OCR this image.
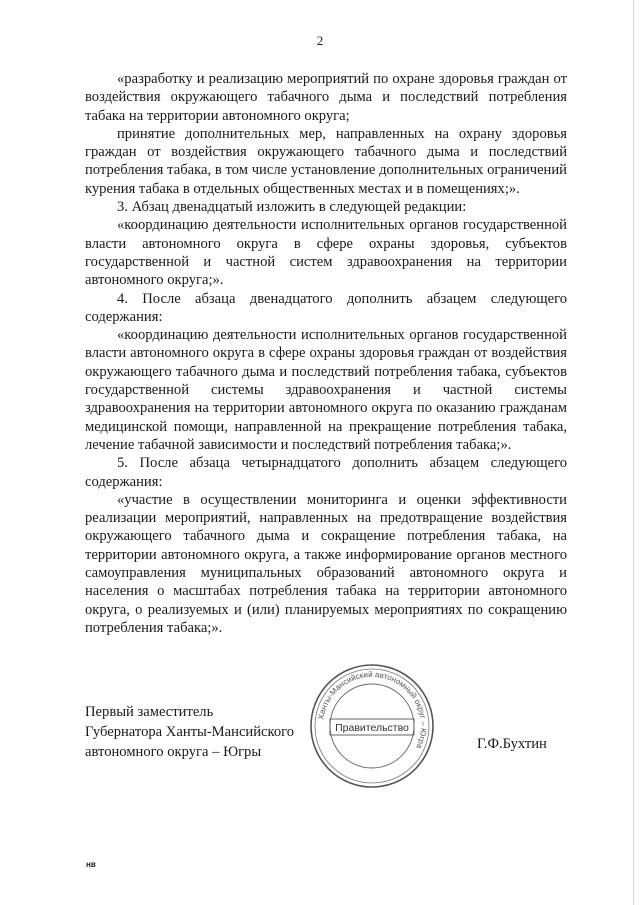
2

«разработку и реализацию мероприятий по охране здоровья граждан от воздействия окружающего табачного дыма и последствий потребления табака на территории автономного округа;

принятие дополнительных мер, направленных на охрану здоровья граждан от воздействия окружающего табачного дыма и последствий потребления табака, в том числе установление дополнительных ограничений курения табака в отдельных общественных местах и в помещениях;».

3. Абзац двенадцатый изложить в следующей редакции:

«координацию деятельности исполнительных органов государственной власти автономного округа в сфере охраны здоровья, субъектов государственной и частной систем здравоохранения на территории автономного округа;».

4. После абзаца двенадцатого дополнить абзацем следующего содержания:

«координацию деятельности исполнительных органов государственной власти автономного округа в сфере охраны здоровья граждан от воздействия окружающего табачного дыма и последствий потребления табака, субъектов государственной системы здравоохранения и частной системы здравоохранения на территории автономного округа по оказанию гражданам медицинской помощи, направленной на прекращение потребления табака, лечение табачной зависимости и последствий потребления табака;».

5. После абзаца четырнадцатого дополнить абзацем следующего содержания:

«участие в осуществлении мониторинга и оценки эффективности реализации мероприятий, направленных на предотвращение воздействия окружающего табачного дыма и сокращение потребления табака, на территории автономного округа, а также информирование органов местного самоуправления муниципальных образований автономного округа и населения о масштабах потребления табака на территории автономного округа, о реализуемых и (или) планируемых мероприятиях по сокращению потребления табака;».

Первый заместитель
Губернатора Ханты-Мансийского
автономного округа – Югры
Ханты-Мансийский автономный округ – Югра
Правительство
Г.Ф.Бухтин
нв
